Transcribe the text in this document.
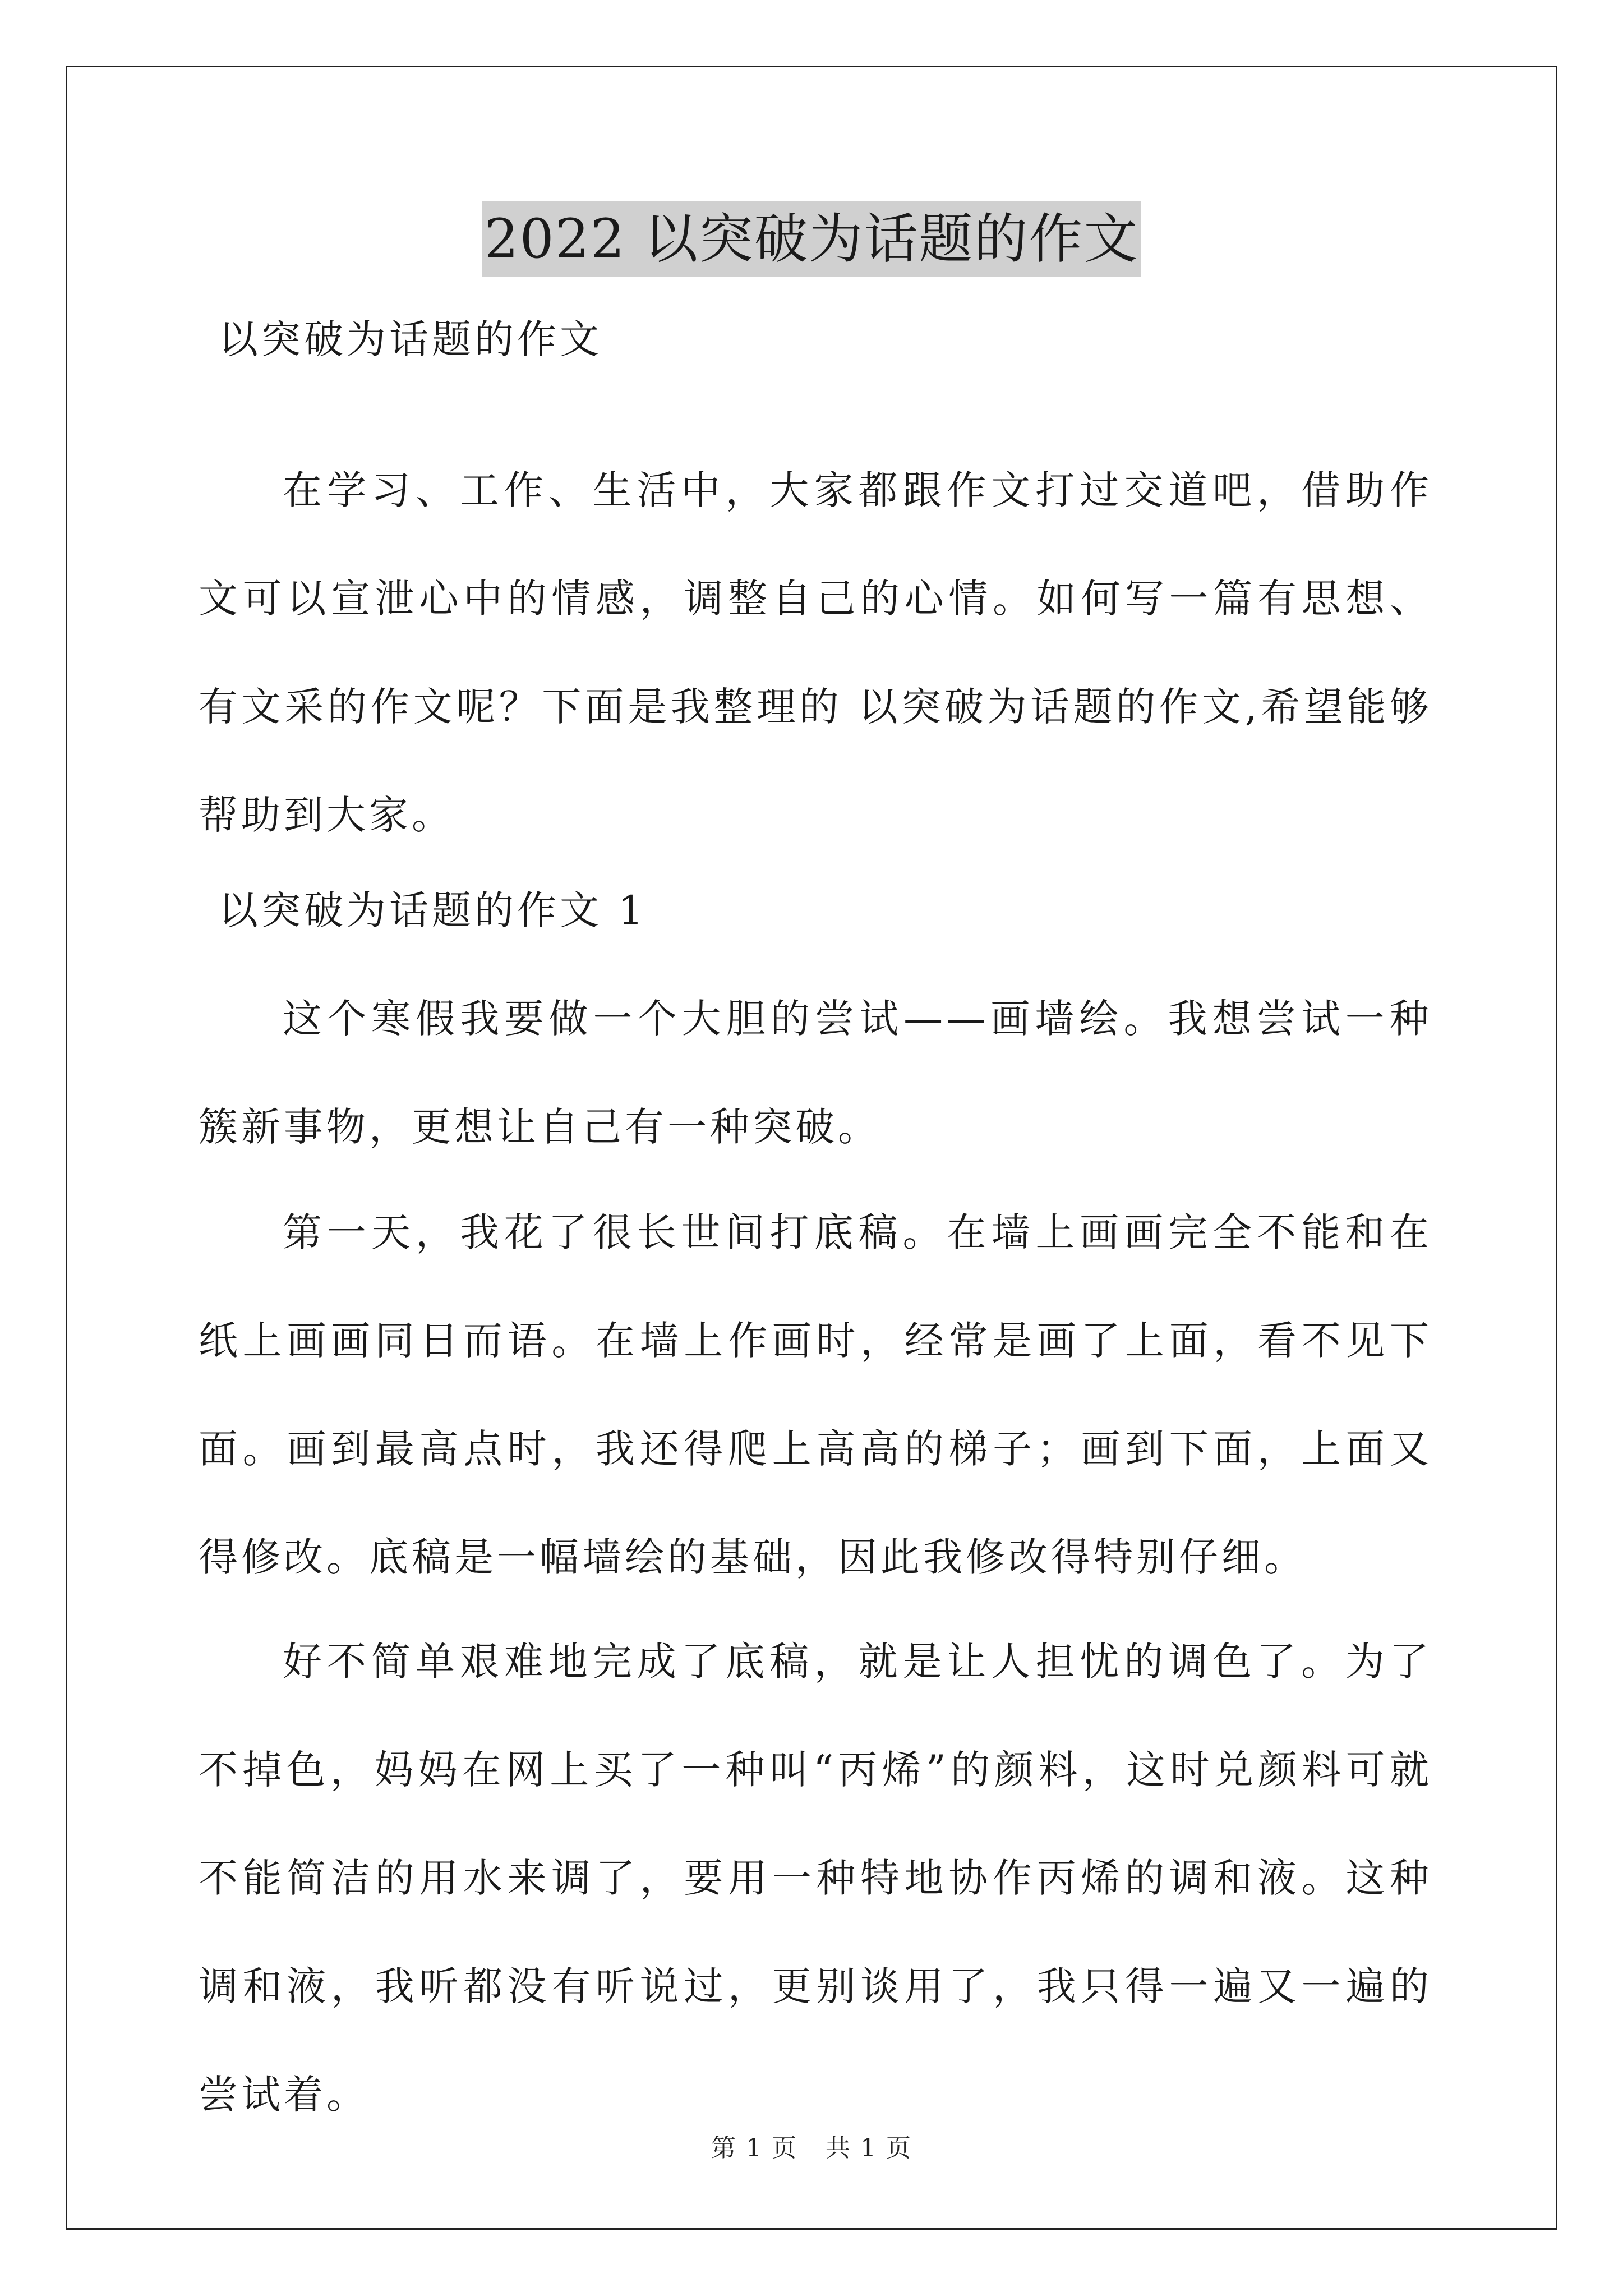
2022 以突破为话题的作文
以突破为话题的作文

在学习、工作、生活中，大家都跟作文打过交道吧，借助作文可以宣泄心中的情感，调整自己的心情。如何写一篇有思想、有文采的作文呢？下面是我整理的 以突破为话题的作文,希望能够帮助到大家。

以突破为话题的作文 1

这个寒假我要做一个大胆的尝试——画墙绘。我想尝试一种簇新事物，更想让自己有一种突破。

第一天，我花了很长世间打底稿。在墙上画画完全不能和在纸上画画同日而语。在墙上作画时，经常是画了上面，看不见下面。画到最高点时，我还得爬上高高的梯子；画到下面，上面又得修改。底稿是一幅墙绘的基础，因此我修改得特别仔细。

好不简单艰难地完成了底稿，就是让人担忧的调色了。为了不掉色，妈妈在网上买了一种叫“丙烯”的颜料，这时兑颜料可就不能简洁的用水来调了，要用一种特地协作丙烯的调和液。这种调和液，我听都没有听说过，更别谈用了，我只得一遍又一遍的尝试着。

第 1 页 共 1 页
